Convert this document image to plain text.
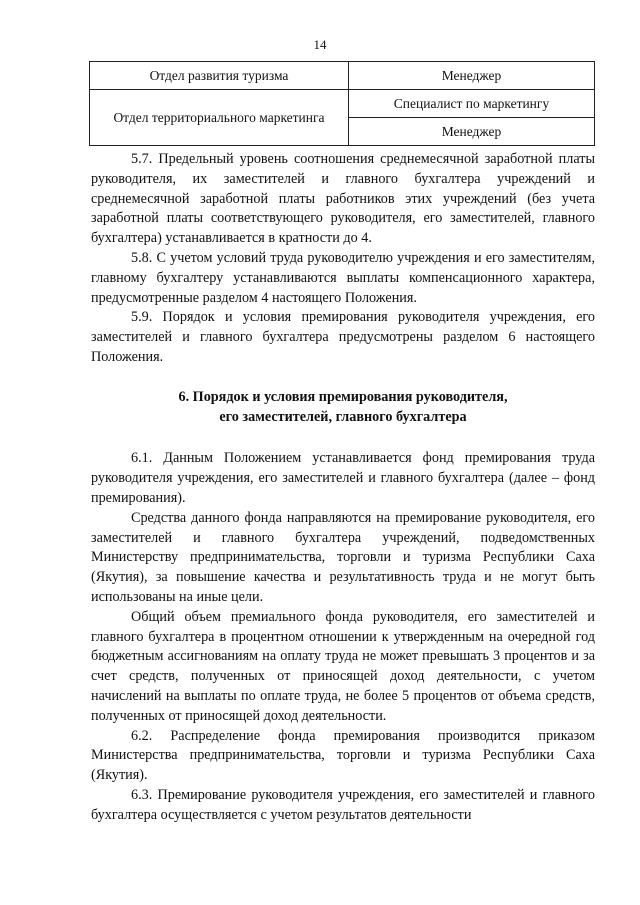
14
Отдел развития туризма	Менеджер
Отдел территориального маркетинга	Специалист по маркетингу
	Менеджер

5.7. Предельный уровень соотношения среднемесячной заработной платы руководителя, их заместителей и главного бухгалтера учреждений и среднемесячной заработной платы работников этих учреждений (без учета заработной платы соответствующего руководителя, его заместителей, главного бухгалтера) устанавливается в кратности до 4.

5.8. С учетом условий труда руководителю учреждения и его заместителям, главному бухгалтеру устанавливаются выплаты компенсационного характера, предусмотренные разделом 4 настоящего Положения.

5.9. Порядок и условия премирования руководителя учреждения, его заместителей и главного бухгалтера предусмотрены разделом 6 настоящего Положения.

6. Порядок и условия премирования руководителя,
его заместителей, главного бухгалтера

6.1. Данным Положением устанавливается фонд премирования труда руководителя учреждения, его заместителей и главного бухгалтера (далее – фонд премирования).

Средства данного фонда направляются на премирование руководителя, его заместителей и главного бухгалтера учреждений, подведомственных Министерству предпринимательства, торговли и туризма Республики Саха (Якутия), за повышение качества и результативность труда и не могут быть использованы на иные цели.

Общий объем премиального фонда руководителя, его заместителей и главного бухгалтера в процентном отношении к утвержденным на очередной год бюджетным ассигнованиям на оплату труда не может превышать 3 процентов и за счет средств, полученных от приносящей доход деятельности, с учетом начислений на выплаты по оплате труда, не более 5 процентов от объема средств, полученных от приносящей доход деятельности.

6.2. Распределение фонда премирования производится приказом Министерства предпринимательства, торговли и туризма Республики Саха (Якутия).

6.3. Премирование руководителя учреждения, его заместителей и главного бухгалтера осуществляется с учетом результатов деятельности
